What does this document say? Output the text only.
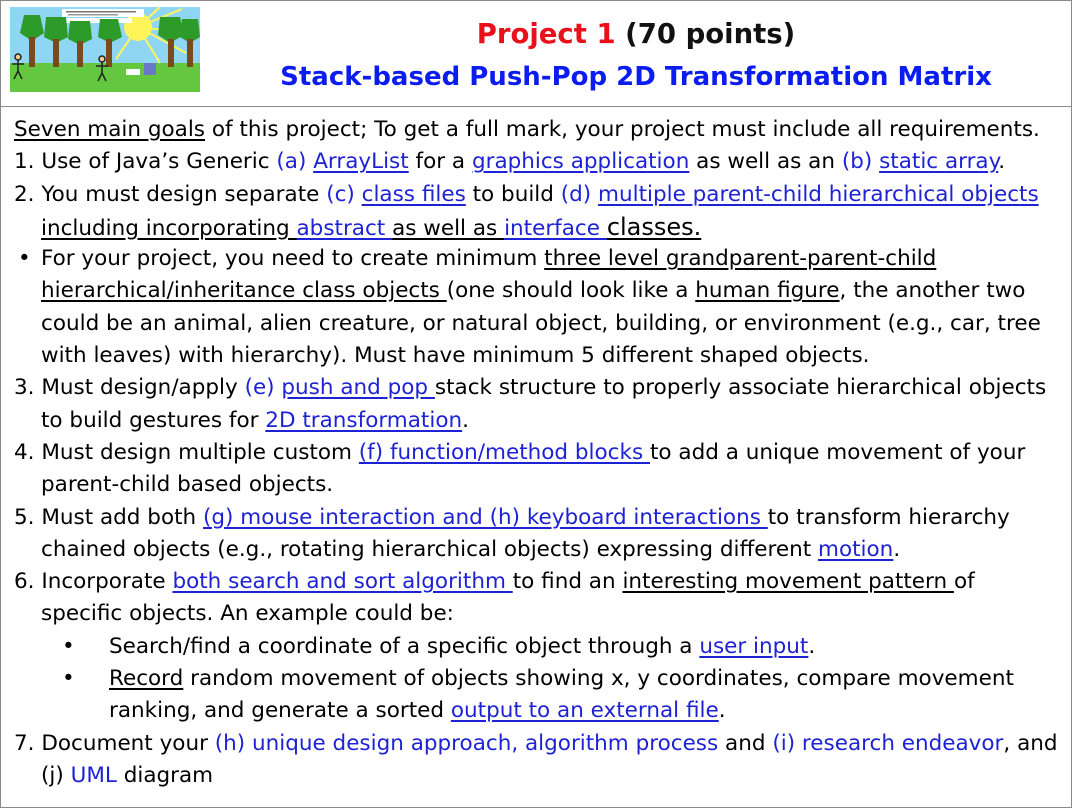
Project 1 (70 points)
Stack-based Push-Pop 2D Transformation Matrix
Seven main goals of this project; To get a full mark, your project must include all requirements.
1. Use of Java’s Generic (a) ArrayList for a graphics application as well as an (b) static array.
2. You must design separate (c) class files to build (d) multiple parent-child hierarchical objects
including incorporating abstract as well as interface classes.
• For your project, you need to create minimum three level grandparent-parent-child
hierarchical/inheritance class objects (one should look like a human figure, the another two
could be an animal, alien creature, or natural object, building, or environment (e.g., car, tree
with leaves) with hierarchy). Must have minimum 5 different shaped objects.
3. Must design/apply (e) push and pop stack structure to properly associate hierarchical objects
to build gestures for 2D transformation.
4. Must design multiple custom (f) function/method blocks to add a unique movement of your
parent-child based objects.
5. Must add both (g) mouse interaction and (h) keyboard interactions to transform hierarchy
chained objects (e.g., rotating hierarchical objects) expressing different motion.
6. Incorporate both search and sort algorithm to find an interesting movement pattern of
specific objects. An example could be:
• Search/find a coordinate of a specific object through a user input.
• Record random movement of objects showing x, y coordinates, compare movement
ranking, and generate a sorted output to an external file.
7. Document your (h) unique design approach, algorithm process and (i) research endeavor, and
(j) UML diagram
